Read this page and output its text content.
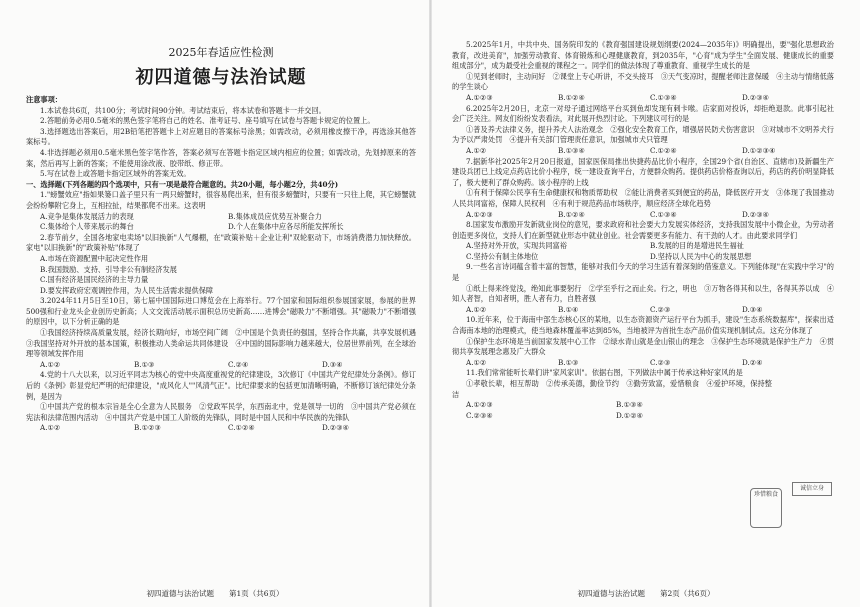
2025年春适应性检测
初四道德与法治试题

注意事项：

1.本试卷共6页，共100分；考试时间90分钟。考试结束后，将本试卷和答题卡一并交回。

2.答题前务必用0.5毫米的黑色签字笔将自己的姓名、准考证号、座号填写在试卷与答题卡规定的位置上。

3.选择题选出答案后，用2B铅笔把答题卡上对应题目的答案标号涂黑；如需改动，必须用橡皮擦干净，再选涂其他答案标号。

4.非选择题必须用0.5毫米黑色签字笔作答，答案必须写在答题卡指定区域内相应的位置；如需改动，先划掉原来的答案，然后再写上新的答案；不能使用涂改液、胶带纸、修正带。

5.写在试卷上或答题卡指定区域外的答案无效。

一、选择题(下列各题的四个选项中，只有一项是最符合题意的。共20小题，每小题2分，共40分)

1."螃蟹效应"指如果篓口盖子里只有一两只螃蟹时，很容易爬出来，但有很多螃蟹时，只要有一只往上爬，其它螃蟹就会纷纷攀附它身上，互相拉扯，结果都爬不出来。这表明

A.竞争是集体发展活力的表现	B.集体成员应优势互补聚合力
C.集体给个人带来展示的舞台	D.个人在集体中应各尽所能发挥所长

2.春节前夕，全国各地家电卖场"以旧换新"人气爆棚，在"政策补贴＋企业让利"双轮驱动下，市场消费潜力加快释放。家电"以旧换新"的"政策补贴"体现了

A.市场在资源配置中起决定性作用

B.我国鼓励、支持、引导非公有制经济发展

C.国有经济是国民经济的主导力量

D.要发挥政府宏观调控作用，为人民生活需求提供保障

3.2024年11月5日至10日，第七届中国国际进口博览会在上海举行。77个国家和国际组织参展国家展，参展的世界500强和行业龙头企业创历史新高；人文交流活动展示面积总历史新高……进博会"磁吸力"不断增强。其"磁吸力"不断增强的原因中，以下分析正确的是

①我国经济持续高质量发展，经济长期向好，市场空间广阔　②中国是个负责任的强国，坚持合作共赢，共享发展机遇　③我国坚持对外开放的基本国策，积极推动人类命运共同体建设　④中国的国际影响力越来越大，位居世界前列，在全球治理等领域发挥作用

A.①②	B.①③	C.②④	D.③④

4.党的十八大以来，以习近平同志为核心的党中央高度重视党的纪律建设，3次修订《中国共产党纪律处分条例》。修订后的《条例》彰显党纪严明的纪律建设，"成风化人""风清气正"。比纪律要求的包括更加清晰明确，不断修订该纪律处分条例，是因为

①中国共产党的根本宗旨是全心全意为人民服务　②党政军民学，东西南北中，党是领导一切的　③中国共产党必须在宪法和法律范围内活动　④中国共产党是中国工人阶级的先锋队，同时是中国人民和中华民族的先锋队

A.①②	B.①②③	C.①②④	D.②③④
初四道德与法治试题　　第1页（共6页）

5.2025年1月，中共中央、国务院印发的《教育强国建设规划纲要(2024—2035年)》明确提出，要"强化思想政治教育，改进美育"，加强劳动教育、体育锻炼和心理健康教育，到2035年，"心育"成为学生"全面发展、健康成长的重要组成部分"，成为最受社会重视的课程之一。同学们的做法体现了尊重教育、重视学生成长的是

①见到老师时，主动问好　②课堂上专心听讲，不交头接耳　③天气变凉时，提醒老师注意保暖　④主动与情绪低落的学生谈心

A.①②③	B.①②④	C.①③④	D.②③④

6.2025年2月20日，北京一对母子通过网络平台买到鱼却发现有刺卡喉。店家面对投诉，却拒绝退款。此事引起社会广泛关注。网友们纷纷发表看法，对此展开热烈讨论。下列建议可行的是

①普及养犬法律义务，提升养犬人法治观念　②强化安全教育工作，增强居民防犬伤害意识　③对城市不文明养犬行为予以严肃处罚　④提升有关部门管理责任意识，加强城市犬只管理

A.①②	B.①③④	C.①②④	D.①②③④

7.据新华社2025年2月20日报道，国家医保局推出快捷药品比价小程序，全国29个省(自治区、直辖市)及新疆生产建设兵团已上线定点药店比价小程序，统一建设查询平台，方便群众购药。提供药店价格查询以后，药店的药价明显降低了，极大便利了群众购药。该小程序的上线

①有利于保障公民享有生命健康权和物质帮助权　②能让消费者买到便宜的药品，降低医疗开支　③体现了我国推动人民共同富裕，保障人民权利　④有利于规范药品市场秩序，顺应经济全球化趋势

A.①②③	B.①②④	C.①③④	D.②③④

8.国家发布激励开发新就业岗位的意见，要求政府和社会要大力发展实体经济，支持我国发展中小微企业，为劳动者创造更多岗位，支持人们在新型就业形态中就业创业。社会需要更多有能力、有干劲的人才。由此要求同学们

A.坚持对外开放，实现共同富裕	B.发展的目的是增进民生福祉
C.坚持公有制主体地位	D.坚持以人民为中心的发展思想

9.一些名言诗词蕴含着丰富的智慧，能够对我们今天的学习生活有着深刻的借鉴意义。下列能体现"在实践中学习"的是

①纸上得来终觉浅，绝知此事要躬行　②学至乎行之而止矣。行之，明也　③万物各得其和以生，各得其养以成　④知人者智，自知者明，胜人者有力，自胜者强

A.①②	B.①④	C.②③	D.③④

10.近年来，位于海南中部生态核心区的某地，以生态资源资产运行平台为抓手，建设"生态系统数据库"，探索出适合海南本地的治理模式，使当地森林覆盖率达到85%，当地被评为首批生态产品价值实现机制试点。这充分体现了

①保护生态环境是当前国家发展中心工作　②绿水青山就是金山银山的理念　③保护生态环境就是保护生产力　④贯彻共享发展理念惠及广大群众

A.①②	B.①③	C.②③	D.②④

11.我们常常能听长辈们讲"家风家训"。依据右图，下列做法中属于传承这种好家风的是

①孝敬长辈，相互帮助　②传承美德，勤俭节约　③勤劳致富，爱惜粮食　④爱护环境，保持整洁

A.①②③	B.①③④
C.②③④	D.①②④
诚信立身
珍惜粮食
初四道德与法治试题　　第2页（共6页）
